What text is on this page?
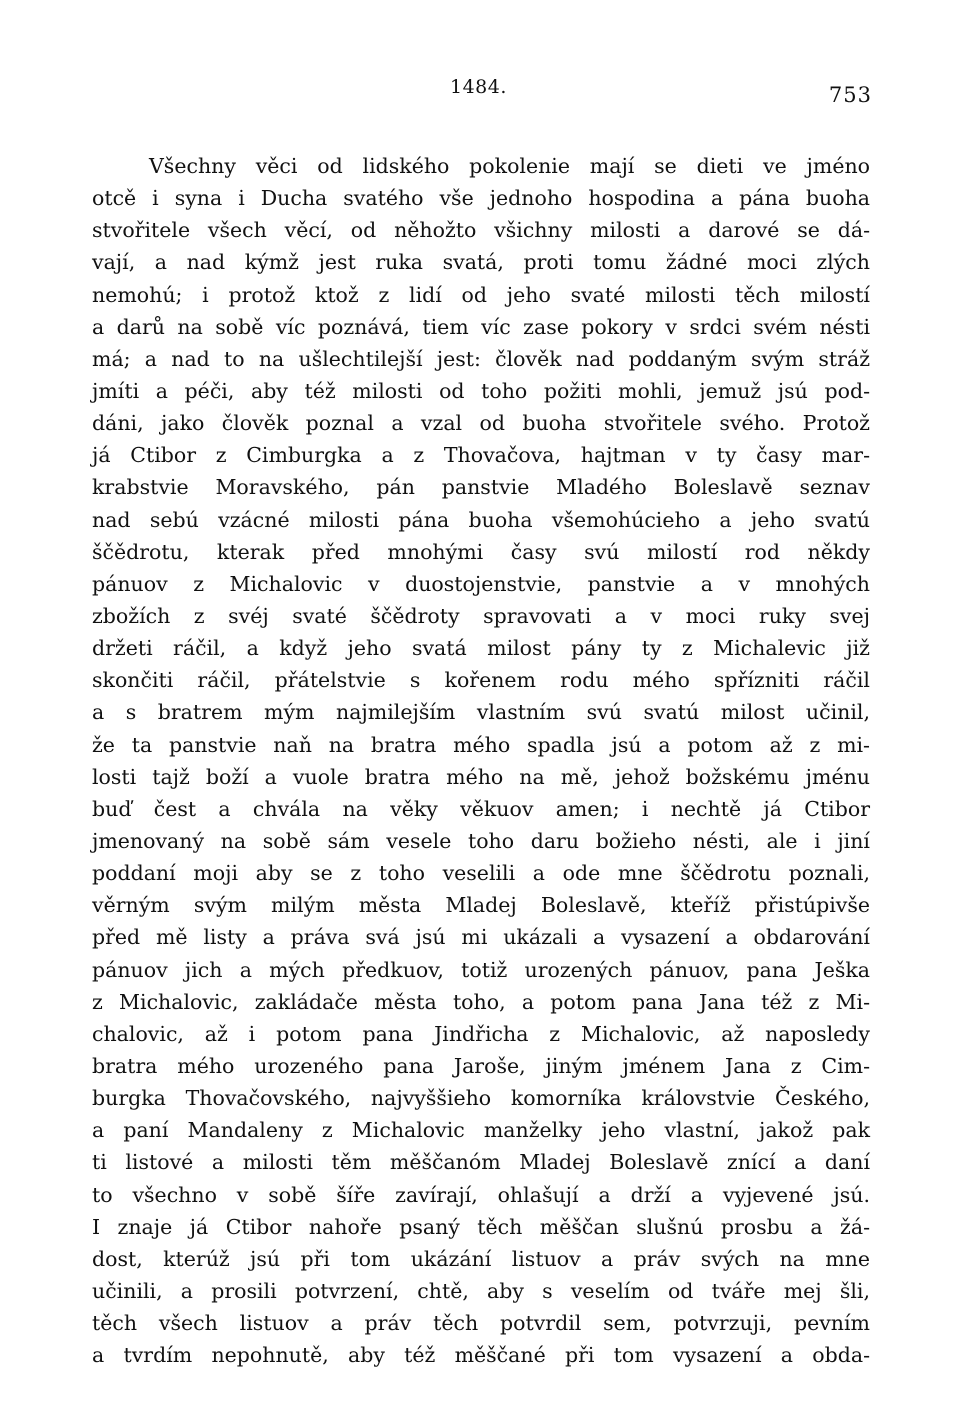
1484.	753
Všechny věci od lidského pokolenie mají se dieti ve jméno
otcě i syna i Ducha svatého vše jednoho hospodina a pána buoha
stvořitele všech věcí, od něhožto všichny milosti a darové se dá-
vají, a nad kýmž jest ruka svatá, proti tomu žádné moci zlých
nemohú; i protož ktož z lidí od jeho svaté milosti těch milostí
a darů na sobě víc poznává, tiem víc zase pokory v srdci svém nésti
má; a nad to na ušlechtilejší jest: člověk nad poddaným svým stráž
jmíti a péči, aby též milosti od toho požiti mohli, jemuž jsú pod-
dáni, jako člověk poznal a vzal od buoha stvořitele svého. Protož
já Ctibor z Cimburgka a z Thovačova, hajtman v ty časy mar-
krabstvie Moravského, pán panstvie Mladého Boleslavě seznav
nad sebú vzácné milosti pána buoha všemohúcieho a jeho svatú
ščědrotu, kterak před mnohými časy svú milostí rod někdy
pánuov z Michalovic v duostojenstvie, panstvie a v mnohých
zbožích z svéj svaté ščědroty spravovati a v moci ruky svej
držeti ráčil, a když jeho svatá milost pány ty z Michalevic již
skončiti ráčil, přátelstvie s kořenem rodu mého spřízniti ráčil
a s bratrem mým najmilejším vlastním svú svatú milost učinil,
že ta panstvie naň na bratra mého spadla jsú a potom až z mi-
losti tajž boží a vuole bratra mého na mě, jehož božskému jménu
buď čest a chvála na věky věkuov amen; i nechtě já Ctibor
jmenovaný na sobě sám vesele toho daru božieho nésti, ale i jiní
poddaní moji aby se z toho veselili a ode mne ščědrotu poznali,
věrným svým milým města Mladej Boleslavě, kteříž přistúpivše
před mě listy a práva svá jsú mi ukázali a vysazení a obdarování
pánuov jich a mých předkuov, totiž urozených pánuov, pana Ješka
z Michalovic, zakládače města toho, a potom pana Jana též z Mi-
chalovic, až i potom pana Jindřicha z Michalovic, až naposledy
bratra mého urozeného pana Jaroše, jiným jménem Jana z Cim-
burgka Thovačovského, najvyššieho komorníka královstvie Českého,
a paní Mandaleny z Michalovic manželky jeho vlastní, jakož pak
ti listové a milosti těm měščanóm Mladej Boleslavě znící a daní
to všechno v sobě šíře zavírají, ohlašují a drží a vyjevené jsú.
I znaje já Ctibor nahoře psaný těch měščan slušnú prosbu a žá-
dost, kterúž jsú při tom ukázání listuov a práv svých na mne
učinili, a prosili potvrzení, chtě, aby s veselím od tváře mej šli,
těch všech listuov a práv těch potvrdil sem, potvrzuji, pevním
a tvrdím nepohnutě, aby též měščané při tom vysazení a obda-
